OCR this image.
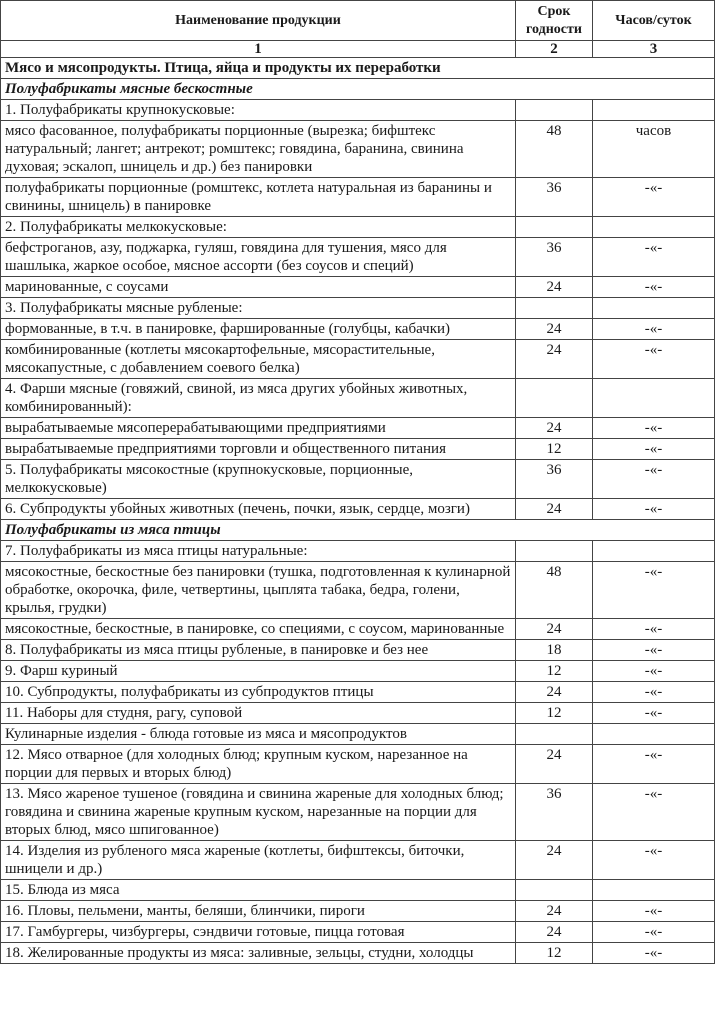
Наименование продукции	Срок годности	Часов/суток
1	2	3
Мясо и мясопродукты. Птица, яйца и продукты их переработки		
Полуфабрикаты мясные бескостные		
1. Полуфабрикаты крупнокусковые:		
мясо фасованное, полуфабрикаты порционные (вырезка; бифштекс натуральный; лангет; антрекот; ромштекс; говядина, баранина, свинина духовая; эскалоп, шницель и др.) без панировки	48	часов
полуфабрикаты порционные (ромштекс, котлета натуральная из баранины и свинины, шницель) в панировке	36	-«-
2. Полуфабрикаты мелкокусковые:		
бефстроганов, азу, поджарка, гуляш, говядина для тушения, мясо для шашлыка, жаркое особое, мясное ассорти (без соусов и специй)	36	-«-
маринованные, с соусами	24	-«-
3. Полуфабрикаты мясные рубленые:		
формованные, в т.ч. в панировке, фаршированные (голубцы, кабачки)	24	-«-
комбинированные (котлеты мясокартофельные, мясорастительные, мясокапустные, с добавлением соевого белка)	24	-«-
4. Фарши мясные (говяжий, свиной, из мяса других убойных животных, комбинированный):		
вырабатываемые мясоперерабатывающими предприятиями	24	-«-
вырабатываемые предприятиями торговли и общественного питания	12	-«-
5. Полуфабрикаты мясокостные (крупнокусковые, порционные, мелкокусковые)	36	-«-
6. Субпродукты убойных животных (печень, почки, язык, сердце, мозги)	24	-«-
Полуфабрикаты из мяса птицы		
7. Полуфабрикаты из мяса птицы натуральные:		
мясокостные, бескостные без панировки (тушка, подготовленная к кулинарной обработке, окорочка, филе, четвертины, цыплята табака, бедра, голени, крылья, грудки)	48	-«-
мясокостные, бескостные, в панировке, со специями, с соусом, маринованные	24	-«-
8. Полуфабрикаты из мяса птицы рубленые, в панировке и без нее	18	-«-
9. Фарш куриный	12	-«-
10. Субпродукты, полуфабрикаты из субпродуктов птицы	24	-«-
11. Наборы для студня, рагу, суповой	12	-«-
Кулинарные изделия - блюда готовые из мяса и мясопродуктов		
12. Мясо отварное (для холодных блюд; крупным куском, нарезанное на порции для первых и вторых блюд)	24	-«-
13. Мясо жареное тушеное (говядина и свинина жареные для холодных блюд; говядина и свинина жареные крупным куском, нарезанные на порции для вторых блюд, мясо шпигованное)	36	-«-
14. Изделия из рубленого мяса жареные (котлеты, бифштексы, биточки, шницели и др.)	24	-«-
15. Блюда из мяса		
16. Пловы, пельмени, манты, беляши, блинчики, пироги	24	-«-
17. Гамбургеры, чизбургеры, сэндвичи готовые, пицца готовая	24	-«-
18. Желированные продукты из мяса: заливные, зельцы, студни, холодцы	12	-«-
